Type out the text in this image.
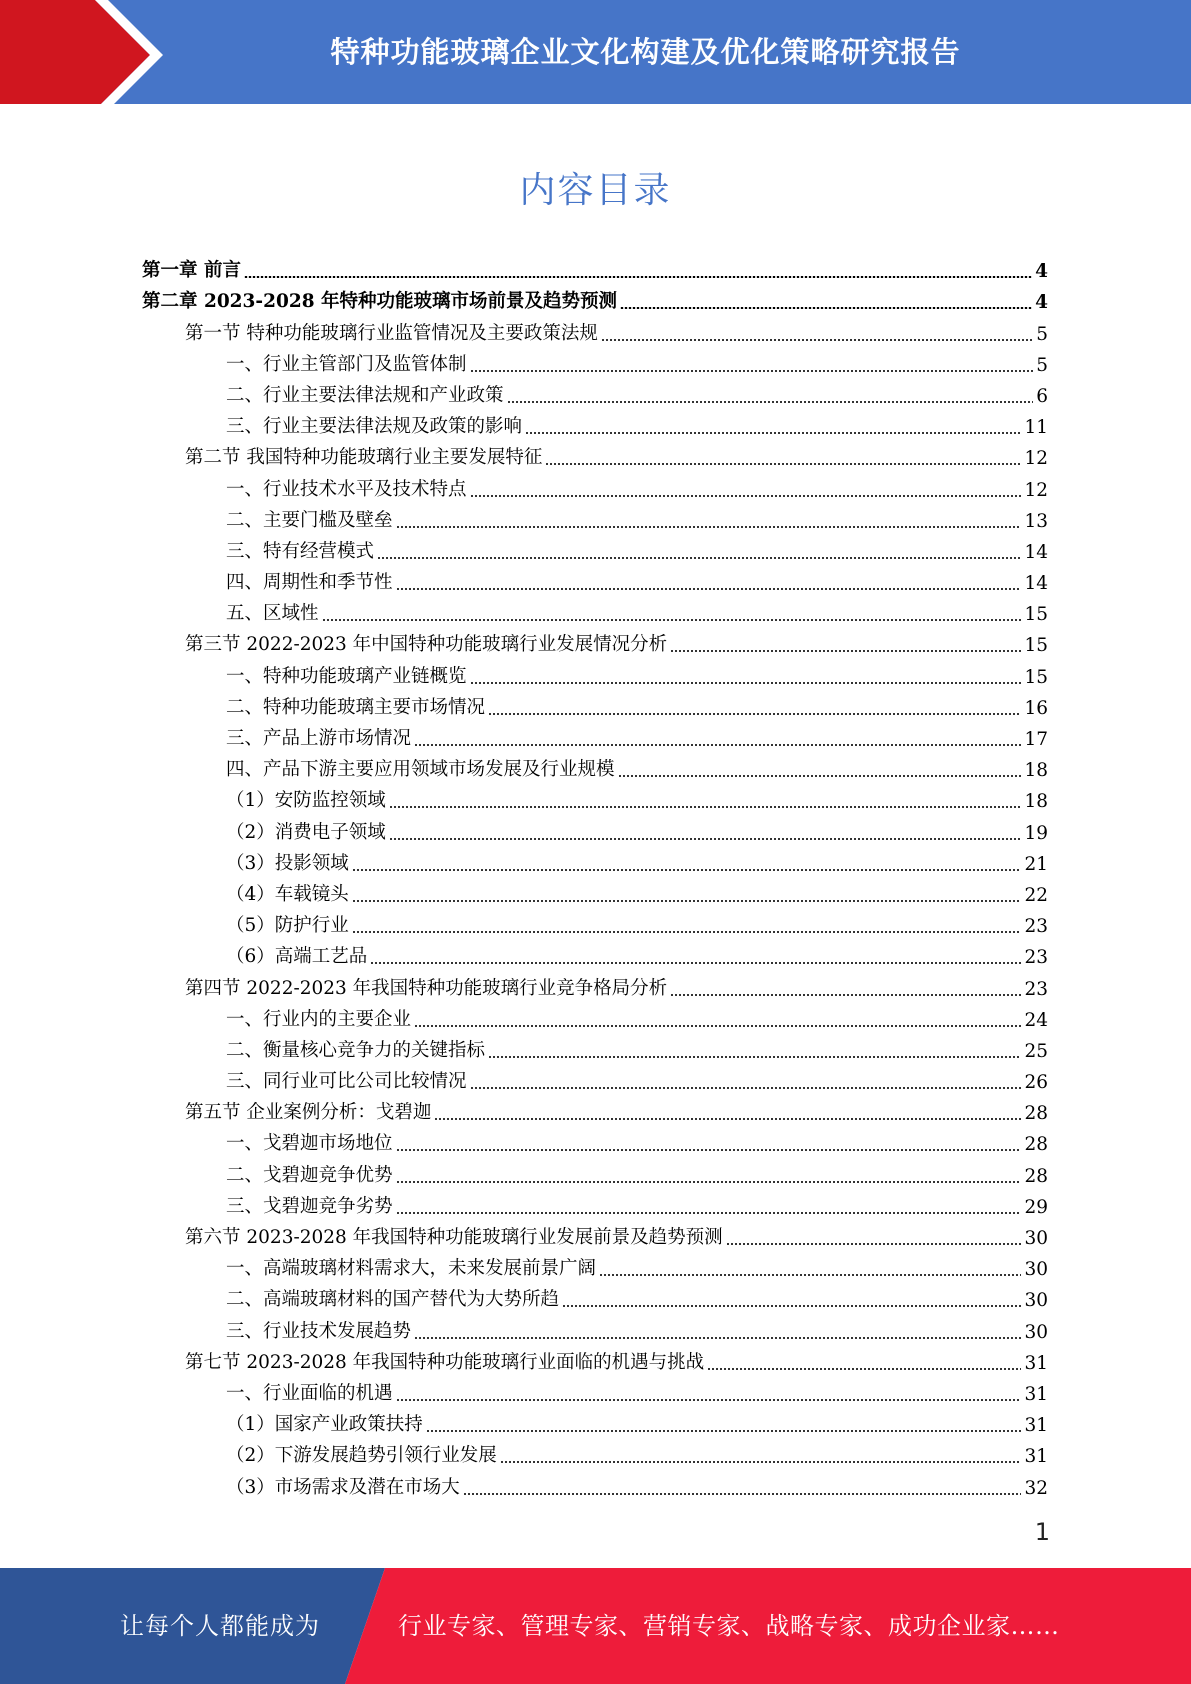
特种功能玻璃企业文化构建及优化策略研究报告
内容目录
第一章 前言	4
第二章 2023-2028 年特种功能玻璃市场前景及趋势预测	4
第一节 特种功能玻璃行业监管情况及主要政策法规	5
一、行业主管部门及监管体制	5
二、行业主要法律法规和产业政策	6
三、行业主要法律法规及政策的影响	11
第二节 我国特种功能玻璃行业主要发展特征	12
一、行业技术水平及技术特点	12
二、主要门槛及壁垒	13
三、特有经营模式	14
四、周期性和季节性	14
五、区域性	15
第三节 2022-2023 年中国特种功能玻璃行业发展情况分析	15
一、特种功能玻璃产业链概览	15
二、特种功能玻璃主要市场情况	16
三、产品上游市场情况	17
四、产品下游主要应用领域市场发展及行业规模	18
（1）安防监控领域	18
（2）消费电子领域	19
（3）投影领域	21
（4）车载镜头	22
（5）防护行业	23
（6）高端工艺品	23
第四节 2022-2023 年我国特种功能玻璃行业竞争格局分析	23
一、行业内的主要企业	24
二、衡量核心竞争力的关键指标	25
三、同行业可比公司比较情况	26
第五节 企业案例分析：戈碧迦	28
一、戈碧迦市场地位	28
二、戈碧迦竞争优势	28
三、戈碧迦竞争劣势	29
第六节 2023-2028 年我国特种功能玻璃行业发展前景及趋势预测	30
一、高端玻璃材料需求大，未来发展前景广阔	30
二、高端玻璃材料的国产替代为大势所趋	30
三、行业技术发展趋势	30
第七节 2023-2028 年我国特种功能玻璃行业面临的机遇与挑战	31
一、行业面临的机遇	31
（1）国家产业政策扶持	31
（2）下游发展趋势引领行业发展	31
（3）市场需求及潜在市场大	32
1
让每个人都能成为	行业专家、管理专家、营销专家、战略专家、成功企业家……
